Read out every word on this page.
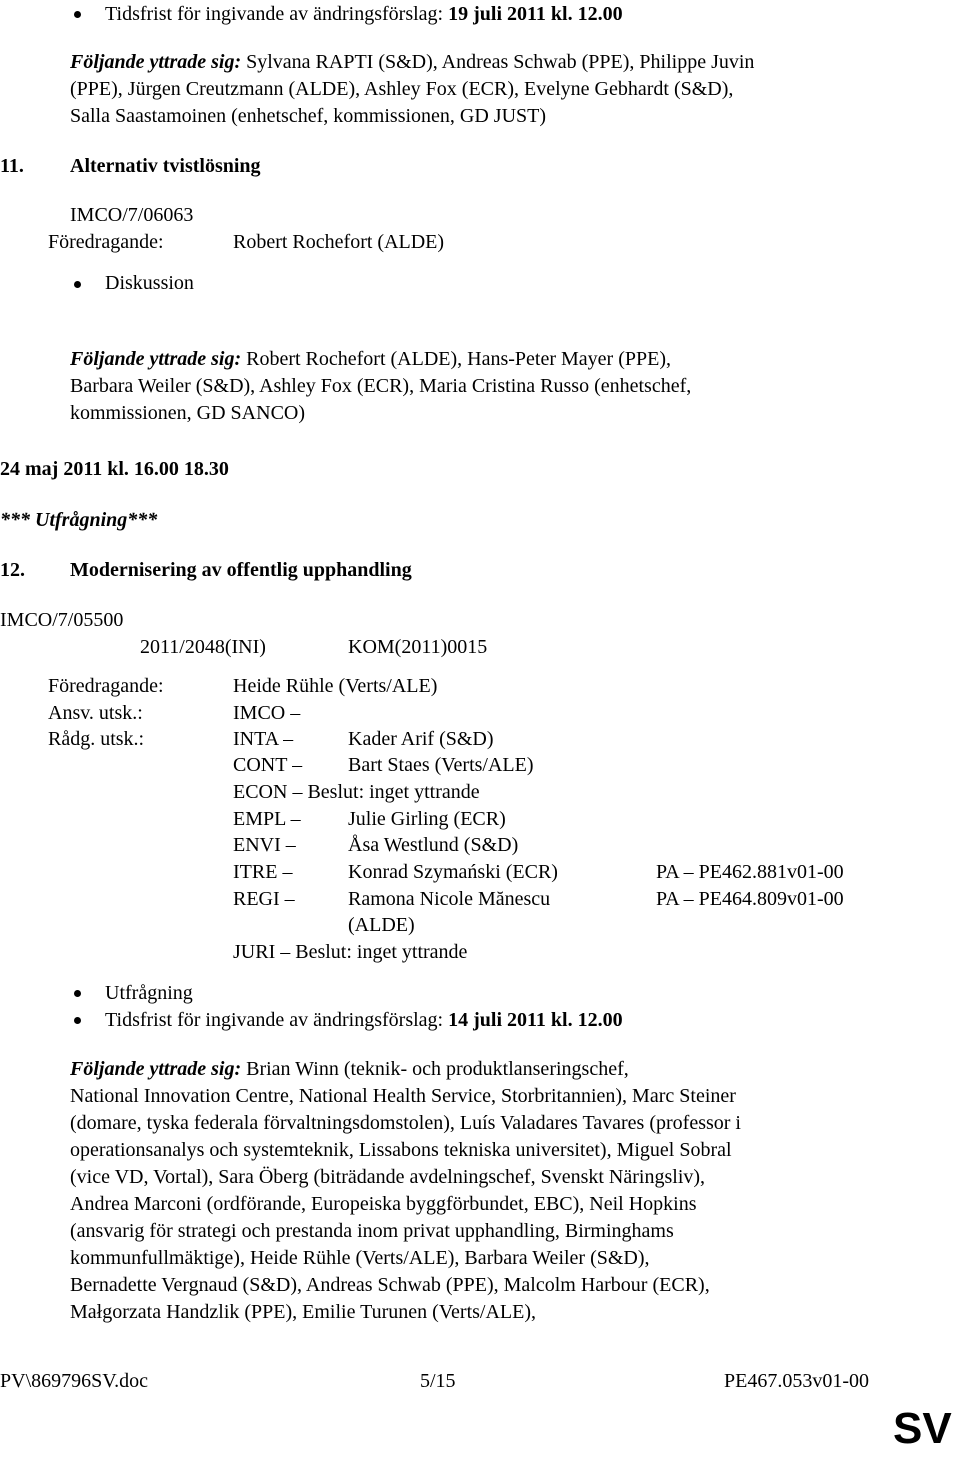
Tidsfrist för ingivande av ändringsförslag: 19 juli 2011 kl. 12.00
Följande yttrade sig: Sylvana RAPTI (S&D), Andreas Schwab (PPE), Philippe Juvin
(PPE), Jürgen Creutzmann (ALDE), Ashley Fox (ECR), Evelyne Gebhardt (S&D),
Salla Saastamoinen (enhetschef, kommissionen, GD JUST)
11. Alternativ tvistlösning
IMCO/7/06063
Föredragande:	Robert Rochefort (ALDE)
Diskussion
Följande yttrade sig: Robert Rochefort (ALDE), Hans-Peter Mayer (PPE),
Barbara Weiler (S&D), Ashley Fox (ECR), Maria Cristina Russo (enhetschef,
kommissionen, GD SANCO)
24 maj 2011 kl. 16.00 18.30
*** Utfrågning***
12. Modernisering av offentlig upphandling
IMCO/7/05500
2011/2048(INI)	KOM(2011)0015
Föredragande:	Heide Rühle (Verts/ALE)
Ansv. utsk.:	IMCO –
Rådg. utsk.:	INTA –	Kader Arif (S&D)
CONT – Bart Staes (Verts/ALE)
ECON – Beslut: inget yttrande
EMPL – Julie Girling (ECR)
ENVI –	Åsa Westlund (S&D)
ITRE –	Konrad Szymański (ECR)	PA – PE462.881v01-00
REGI –	Ramona Nicole Mănescu	PA – PE464.809v01-00
(ALDE)
JURI – Beslut: inget yttrande
Utfrågning
Tidsfrist för ingivande av ändringsförslag: 14 juli 2011 kl. 12.00
Följande yttrade sig: Brian Winn (teknik- och produktlanseringschef,
National Innovation Centre, National Health Service, Storbritannien), Marc Steiner
(domare, tyska federala förvaltningsdomstolen), Luís Valadares Tavares (professor i
operationsanalys och systemteknik, Lissabons tekniska universitet), Miguel Sobral
(vice VD, Vortal), Sara Öberg (biträdande avdelningschef, Svenskt Näringsliv),
Andrea Marconi (ordförande, Europeiska byggförbundet, EBC), Neil Hopkins
(ansvarig för strategi och prestanda inom privat upphandling, Birminghams
kommunfullmäktige), Heide Rühle (Verts/ALE), Barbara Weiler (S&D),
Bernadette Vergnaud (S&D), Andreas Schwab (PPE), Malcolm Harbour (ECR),
Małgorzata Handzlik (PPE), Emilie Turunen (Verts/ALE),
PV\869796SV.doc	5/15	PE467.053v01-00
SV
